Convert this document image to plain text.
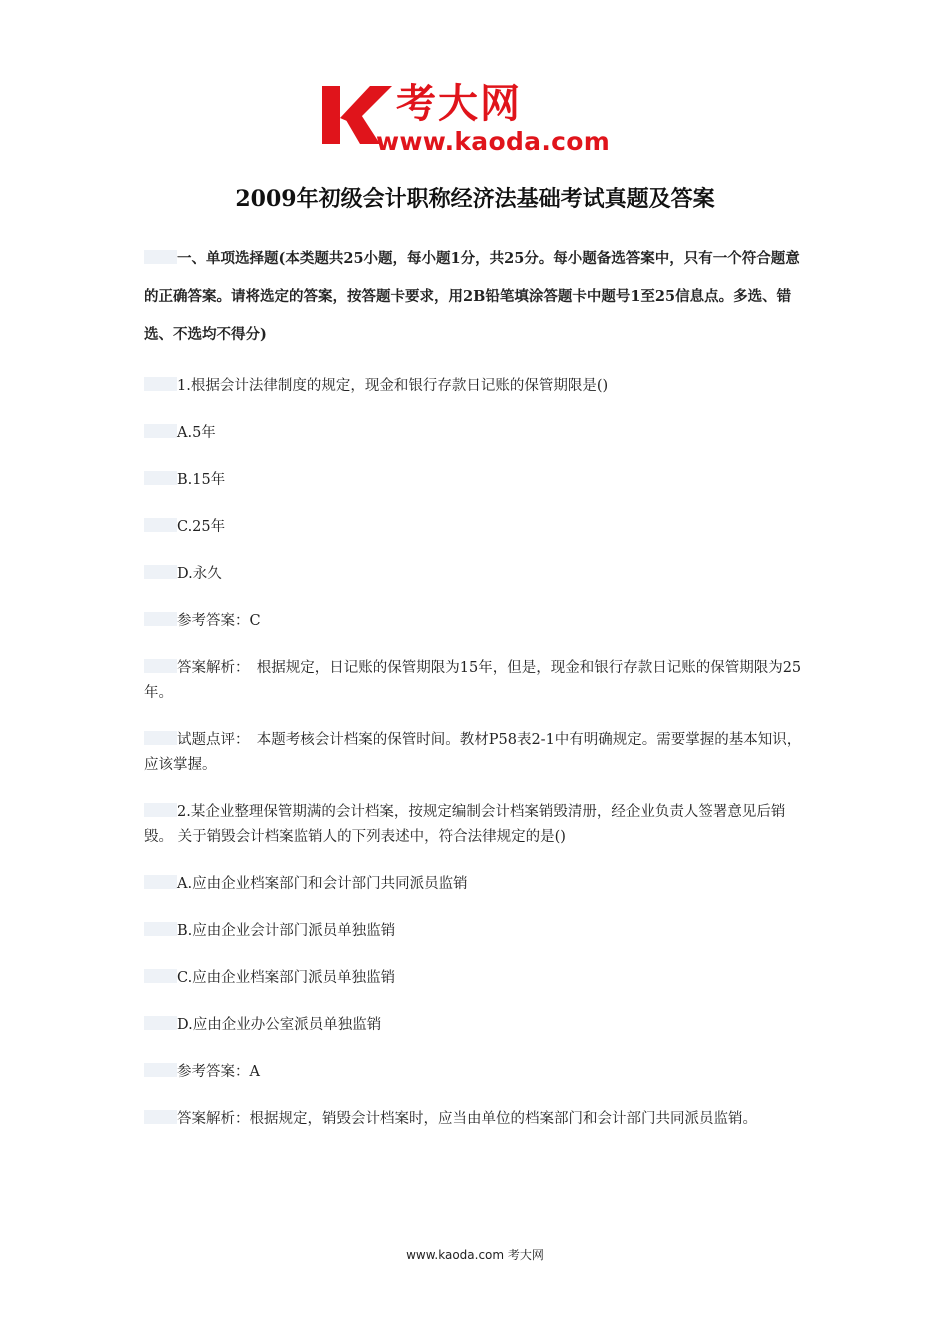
考大网
www.kaoda.com
2009年初级会计职称经济法基础考试真题及答案

一、单项选择题(本类题共25小题，每小题1分，共25分。每小题备选答案中，只有一个符合题意的正确答案。请将选定的答案，按答题卡要求，用2B铅笔填涂答题卡中题号1至25信息点。多选、错选、不选均不得分)

1.根据会计法律制度的规定，现金和银行存款日记账的保管期限是()

A.5年

B.15年

C.25年

D.永久

参考答案：C

答案解析：　根据规定，日记账的保管期限为15年，但是，现金和银行存款日记账的保管期限为25年。

试题点评：　本题考核会计档案的保管时间。教材P58表2-1中有明确规定。需要掌握的基本知识，应该掌握。

2.某企业整理保管期满的会计档案，按规定编制会计档案销毁清册，经企业负责人签署意见后销毁。 关于销毁会计档案监销人的下列表述中，符合法律规定的是()

A.应由企业档案部门和会计部门共同派员监销

B.应由企业会计部门派员单独监销

C.应由企业档案部门派员单独监销

D.应由企业办公室派员单独监销

参考答案：A

答案解析：根据规定，销毁会计档案时，应当由单位的档案部门和会计部门共同派员监销。

www.kaoda.com 考大网
